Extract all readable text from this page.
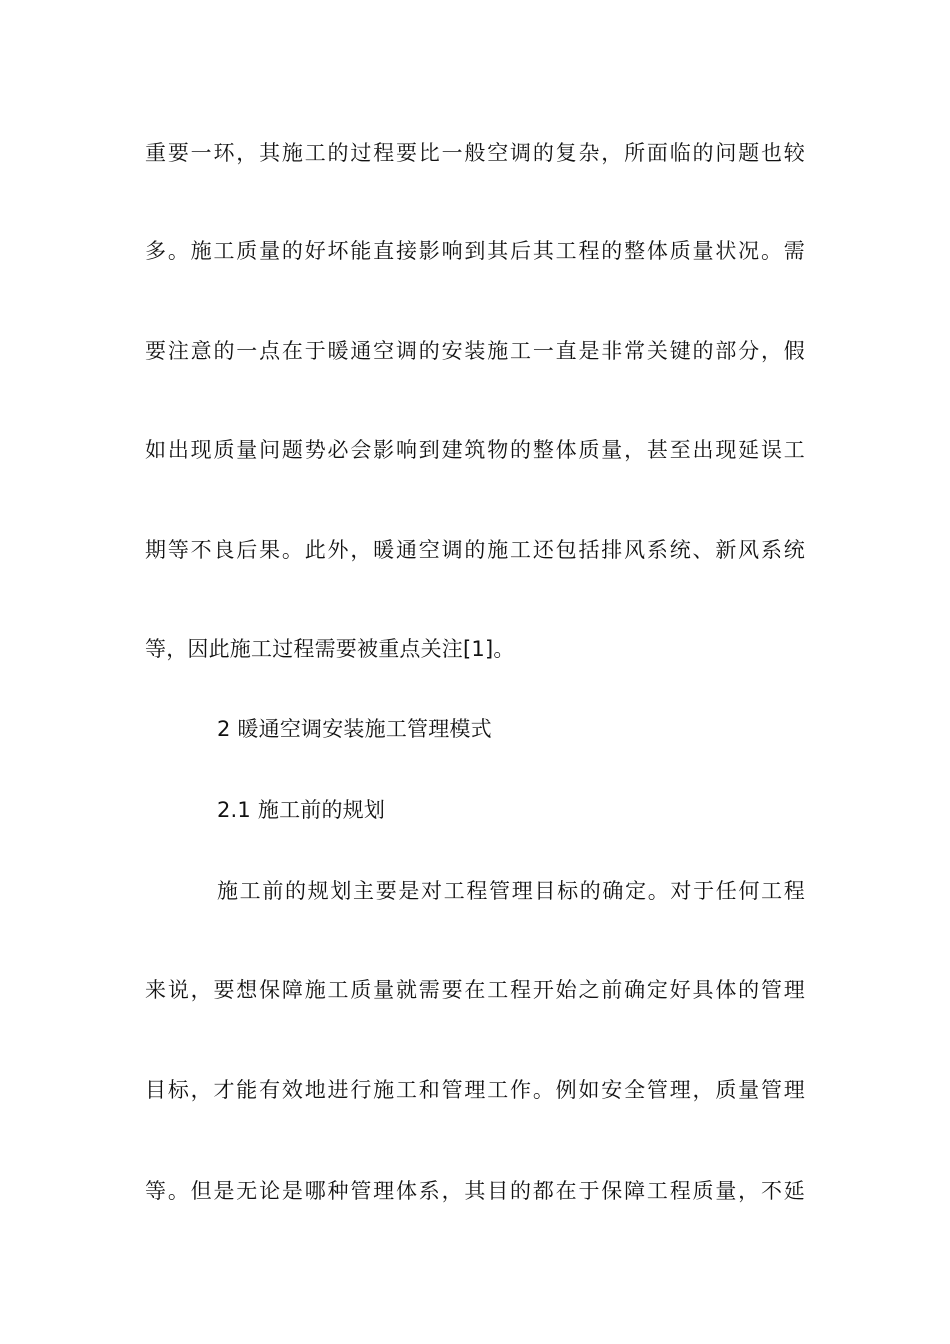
重要一环，其施工的过程要比一般空调的复杂，所面临的问题也较
多。施工质量的好坏能直接影响到其后其工程的整体质量状况。需
要注意的一点在于暖通空调的安装施工一直是非常关键的部分，假
如出现质量问题势必会影响到建筑物的整体质量，甚至出现延误工
期等不良后果。此外，暖通空调的施工还包括排风系统、新风系统
等，因此施工过程需要被重点关注[1]。
2 暖通空调安装施工管理模式
2.1 施工前的规划
施工前的规划主要是对工程管理目标的确定。对于任何工程
来说，要想保障施工质量就需要在工程开始之前确定好具体的管理
目标，才能有效地进行施工和管理工作。例如安全管理，质量管理
等。但是无论是哪种管理体系，其目的都在于保障工程质量，不延
